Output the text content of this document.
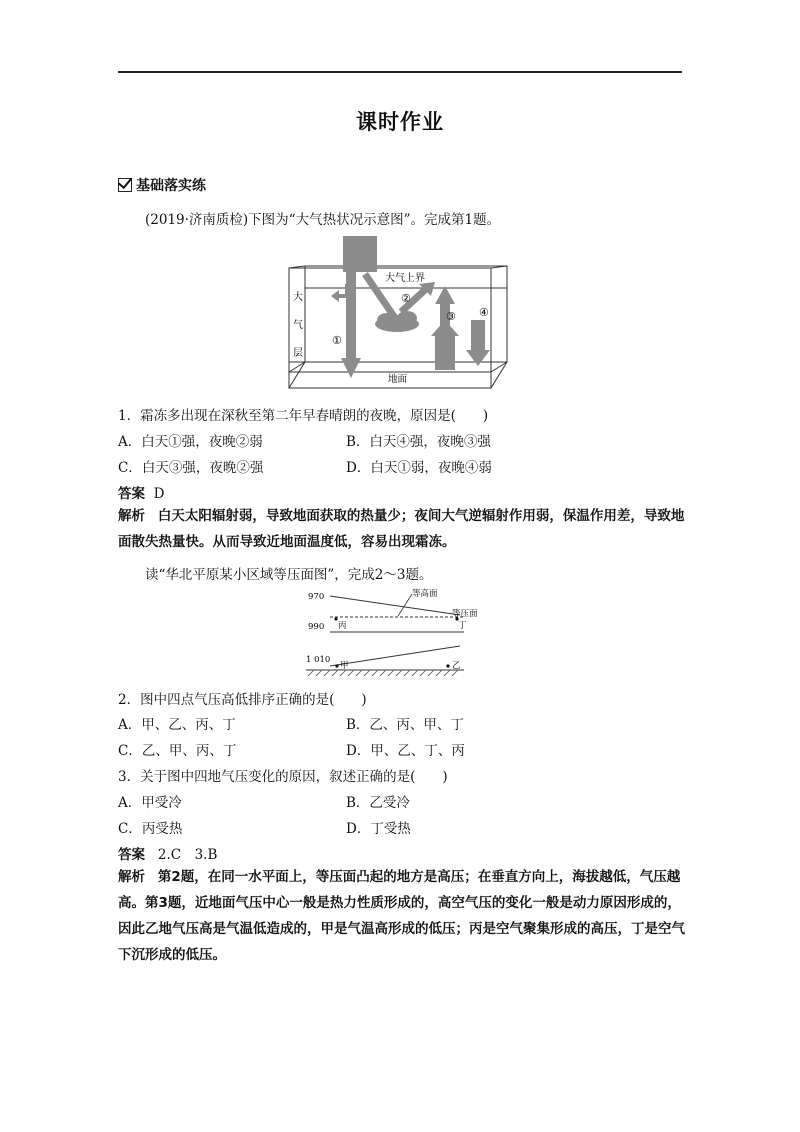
课时作业
基础落实练
(2019·济南质检)下图为“大气热状况示意图”。完成第1题。
大气上界
地面
大
气
层
①
②
③ ④
1．霜冻多出现在深秋至第二年早春晴朗的夜晚，原因是(　　)
A．白天①强，夜晚②弱	B．白天④强，夜晚③强
C．白天③强，夜晚②强	D．白天①弱，夜晚④弱
答案 D
解析 白天太阳辐射弱，导致地面获取的热量少；夜间大气逆辐射作用弱，保温作用差，导致地面散失热量快。从而导致近地面温度低，容易出现霜冻。
读“华北平原某小区域等压面图”，完成2～3题。
970
990
1 010
等高面
等压面
丙	丁
甲	乙
2．图中四点气压高低排序正确的是(　　)
A．甲、乙、丙、丁	B．乙、丙、甲、丁
C．乙、甲、丙、丁	D．甲、乙、丁、丙
3．关于图中四地气压变化的原因，叙述正确的是(　　)
A．甲受冷	B．乙受冷
C．丙受热	D．丁受热
答案 2.C　3.B
解析 第2题，在同一水平面上，等压面凸起的地方是高压；在垂直方向上，海拔越低，气压越高。第3题，近地面气压中心一般是热力性质形成的，高空气压的变化一般是动力原因形成的，因此乙地气压高是气温低造成的，甲是气温高形成的低压；丙是空气聚集形成的高压，丁是空气下沉形成的低压。
